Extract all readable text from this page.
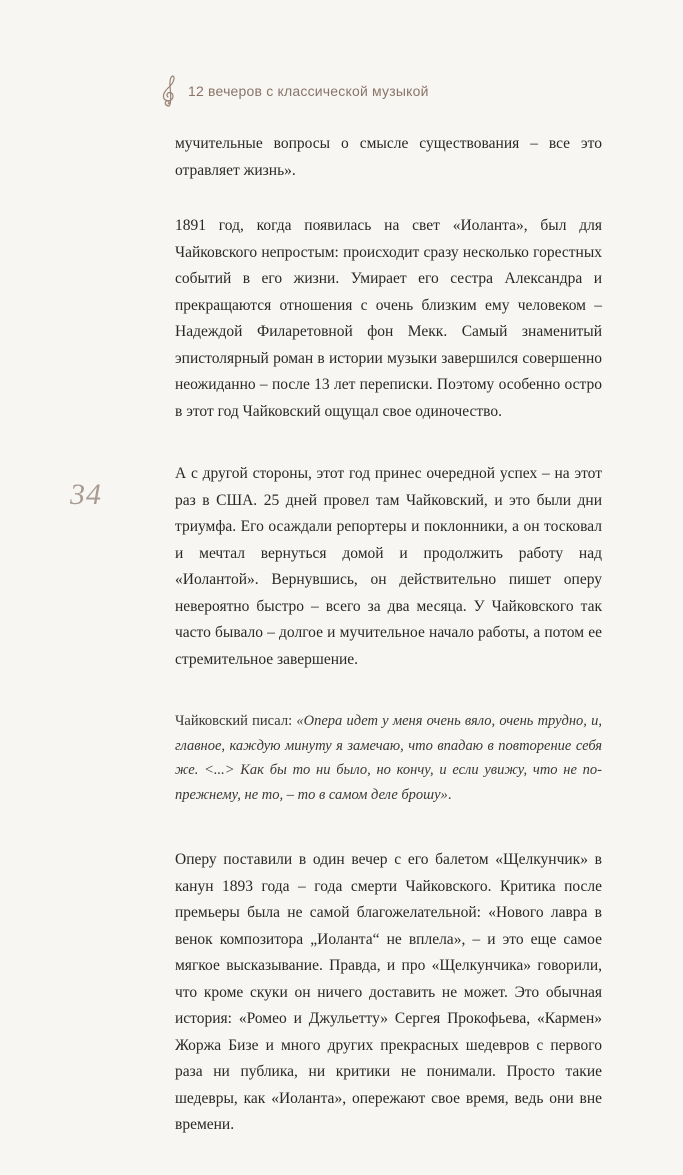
12 вечеров с классической музыкой
34

мучительные вопросы о смысле существования – все это отравляет жизнь».

1891 год, когда появилась на свет «Иоланта», был для Чайковского непростым: происходит сразу несколько горестных событий в его жизни. Умирает его сестра Александра и прекращаются отношения с очень близким ему человеком – Надеждой Филаретовной фон Мекк. Самый знаменитый эпистолярный роман в истории музыки завершился совершенно неожиданно – после 13 лет переписки. Поэтому особенно остро в этот год Чайковский ощущал свое одиночество.

А с другой стороны, этот год принес очередной успех – на этот раз в США. 25 дней провел там Чайковский, и это были дни триумфа. Его осаждали репортеры и поклонники, а он тосковал и мечтал вернуться домой и продолжить работу над «Иолантой». Вернувшись, он действительно пишет оперу невероятно быстро – всего за два месяца. У Чайковского так часто бывало – долгое и мучительное начало работы, а потом ее стремительное завершение.

Чайковский писал: «Опера идет у меня очень вяло, очень трудно, и, главное, каждую минуту я замечаю, что впадаю в повторение себя же. <...> Как бы то ни было, но кончу, и если увижу, что не по-прежнему, не то, – то в самом деле брошу».

Оперу поставили в один вечер с его балетом «Щелкунчик» в канун 1893 года – года смерти Чайковского. Критика после премьеры была не самой благожелательной: «Нового лавра в венок композитора „Иоланта“ не вплела», – и это еще самое мягкое высказывание. Правда, и про «Щелкунчика» говорили, что кроме скуки он ничего доставить не может. Это обычная история: «Ромео и Джульетту» Сергея Прокофьева, «Кармен» Жоржа Бизе и много других прекрасных шедевров с первого раза ни публика, ни критики не понимали. Просто такие шедевры, как «Иоланта», опережают свое время, ведь они вне времени.
